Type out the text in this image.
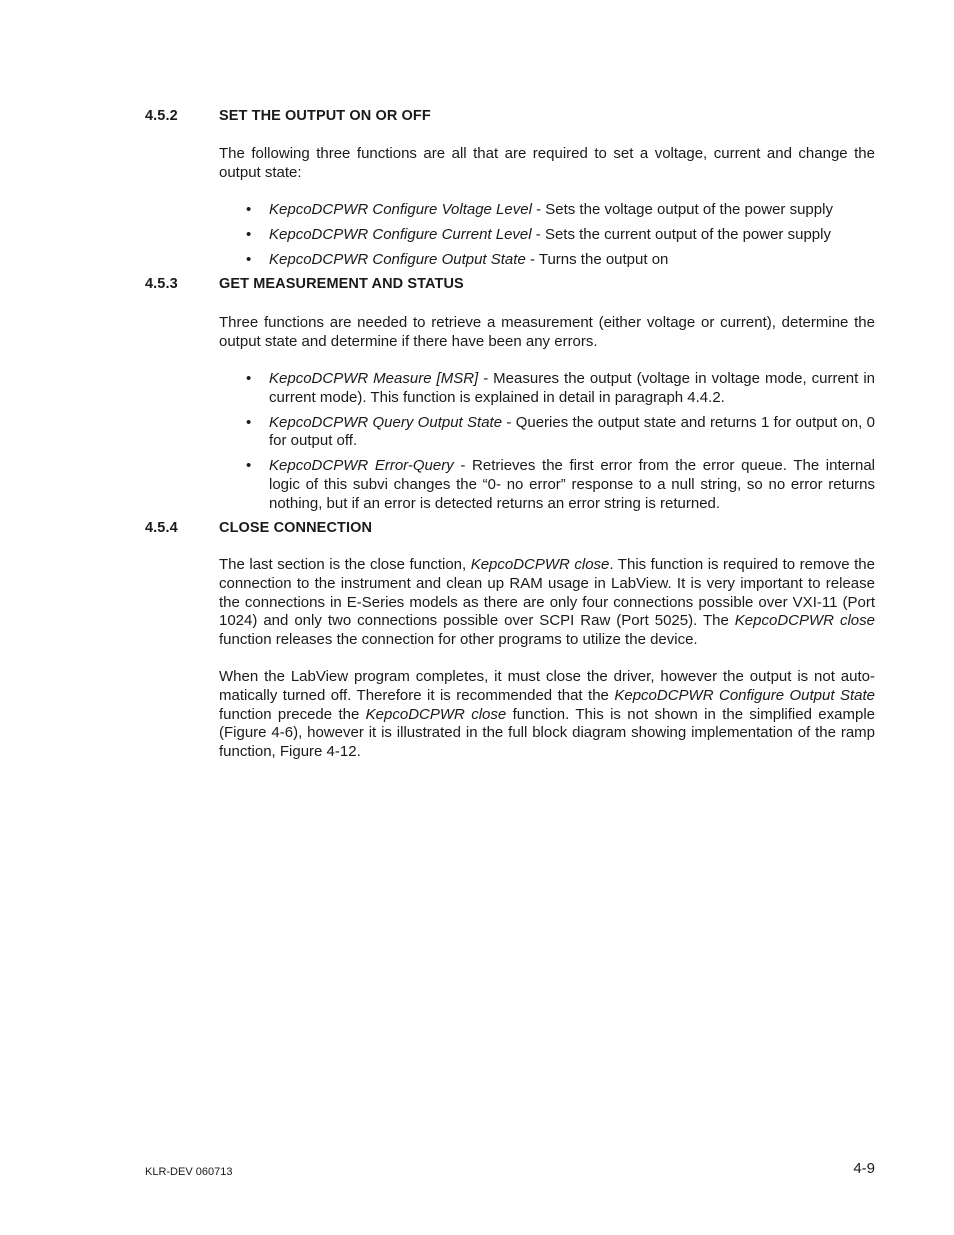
4.5.2	SET THE OUTPUT ON OR OFF

The following three functions are all that are required to set a voltage, current and change the output state:

• KepcoDCPWR Configure Voltage Level - Sets the voltage output of the power supply
• KepcoDCPWR Configure Current Level - Sets the current output of the power supply
• KepcoDCPWR Configure Output State - Turns the output on
4.5.3	GET MEASUREMENT AND STATUS

Three functions are needed to retrieve a measurement (either voltage or current), determine the output state and determine if there have been any errors.

• KepcoDCPWR Measure [MSR] - Measures the output (voltage in voltage mode, current in current mode). This function is explained in detail in paragraph 4.4.2.
• KepcoDCPWR Query Output State - Queries the output state and returns 1 for output on, 0 for output off.
• KepcoDCPWR Error-Query - Retrieves the first error from the error queue. The internal logic of this subvi changes the “0- no error” response to a null string, so no error returns nothing, but if an error is detected returns an error string is returned.
4.5.4	CLOSE CONNECTION

The last section is the close function, KepcoDCPWR close. This function is required to remove the connection to the instrument and clean up RAM usage in LabView. It is very important to release the connections in E-Series models as there are only four connections possible over VXI-11 (Port 1024) and only two connections possible over SCPI Raw (Port 5025). The KepcoDCPWR close function releases the connection for other programs to utilize the device.

When the LabView program completes, it must close the driver, however the output is not automatically turned off. Therefore it is recommended that the KepcoDCPWR Configure Output State function precede the KepcoDCPWR close function. This is not shown in the simplified example (Figure 4-6), however it is illustrated in the full block diagram showing implementation of the ramp function, Figure 4-12.

KLR-DEV 060713	4-9
